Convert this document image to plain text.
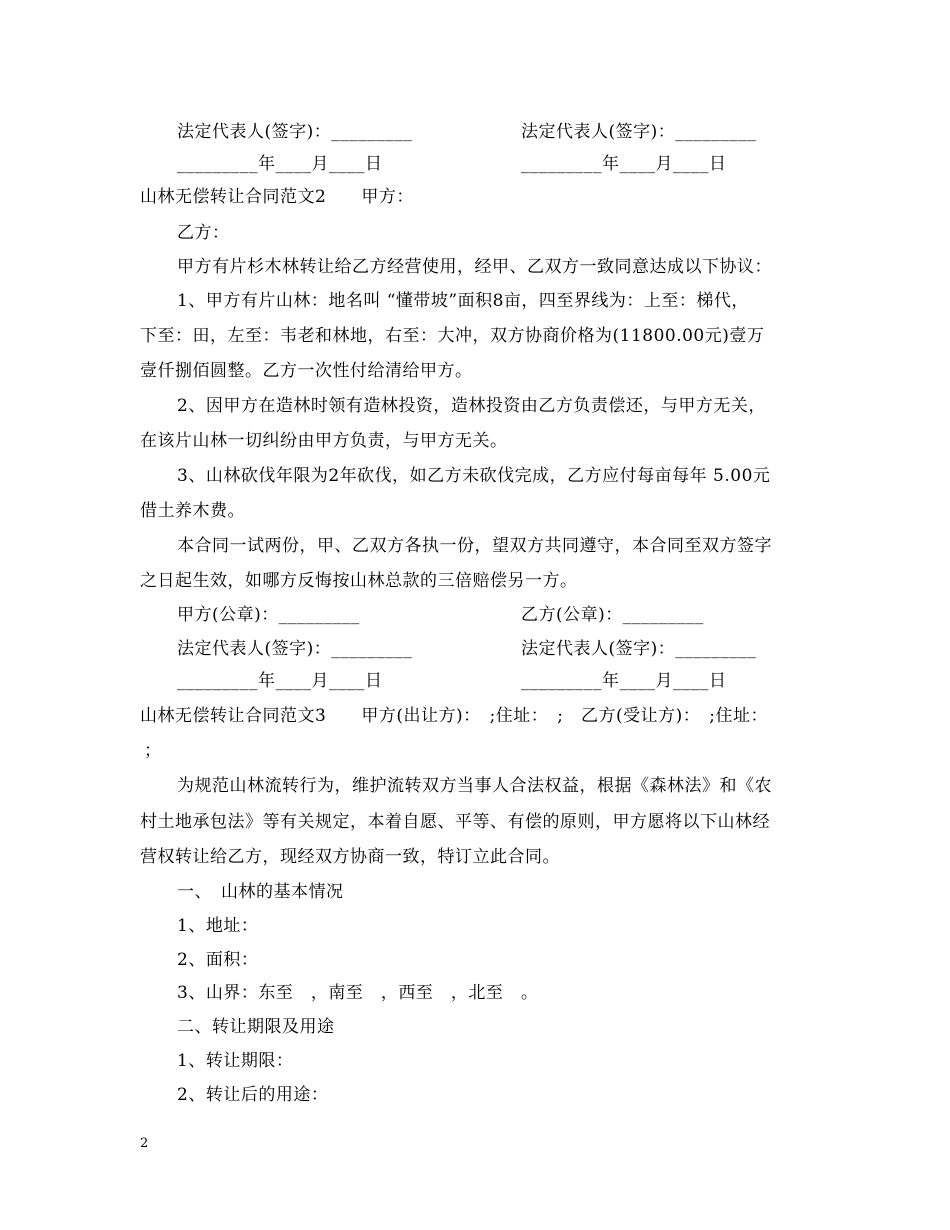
法定代表人(签字)：_________	法定代表人(签字)：_________
_________年____月____日	_________年____月____日
山林无偿转让合同范文2　　甲方：
乙方：
甲方有片杉木林转让给乙方经营使用，经甲、乙双方一致同意达成以下协议：
1、甲方有片山林：地名叫 “懂带坡”面积8亩，四至界线为：上至：梯代，
下至：田，左至：韦老和林地，右至：大冲，双方协商价格为(11800.00元)壹万
壹仟捌佰圆整。乙方一次性付给清给甲方。
2、因甲方在造林时领有造林投资，造林投资由乙方负责偿还，与甲方无关，
在该片山林一切纠纷由甲方负责，与甲方无关。
3、山林砍伐年限为2年砍伐，如乙方未砍伐完成，乙方应付每亩每年 5.00元
借土养木费。
本合同一试两份，甲、乙双方各执一份，望双方共同遵守，本合同至双方签字
之日起生效，如哪方反悔按山林总款的三倍赔偿另一方。
甲方(公章)：_________	乙方(公章)：_________
法定代表人(签字)：_________	法定代表人(签字)：_________
_________年____月____日	_________年____月____日
山林无偿转让合同范文3　　甲方(出让方)：　;住址：　;　乙方(受让方)：　;住址：
；
为规范山林流转行为，维护流转双方当事人合法权益，根据《森林法》和《农
村土地承包法》等有关规定，本着自愿、平等、有偿的原则，甲方愿将以下山林经
营权转让给乙方，现经双方协商一致，特订立此合同。
一、　山林的基本情况
1、地址：
2、面积：
3、山界：东至　，南至　，西至　，北至　。
二、转让期限及用途
1、转让期限：
2、转让后的用途：
2
